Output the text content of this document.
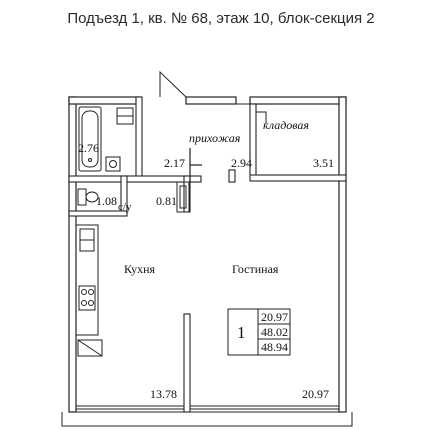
Подъезд 1, кв. № 68, этаж 10, блок-секция 2
2.76
1.08 с/у
прихожая
кладовая
Кухня	Гостиная
2.17	2.94	3.51
0.81
13.78	20.97
1
20.97
48.02
48.94
